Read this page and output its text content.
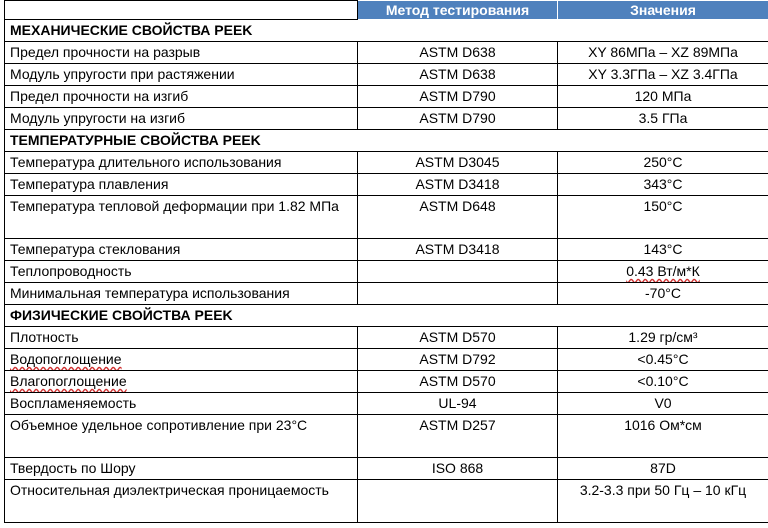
	Метод тестирования	Значения
МЕХАНИЧЕСКИЕ СВОЙСТВА PEEK		
Предел прочности на разрыв	ASTM D638	XY 86МПа – XZ 89МПа
Модуль упругости при растяжении	ASTM D638	XY 3.3ГПа – XZ 3.4ГПа
Предел прочности на изгиб	ASTM D790	120 МПа
Модуль упругости на изгиб	ASTM D790	3.5 ГПа
ТЕМПЕРАТУРНЫЕ СВОЙСТВА PEEK		
Температура длительного использования	ASTM D3045	250°C
Температура плавления	ASTM D3418	343°C
Температура тепловой деформации при 1.82 МПа	ASTM D648	150°C
Температура стеклования	ASTM D3418	143°C
Теплопроводность		0.43 Вт/м*К
Минимальная температура использования		-70°C
ФИЗИЧЕСКИЕ СВОЙСТВА PEEK		
Плотность	ASTM D570	1.29 гр/см³
Водопоглощение	ASTM D792	<0.45°C
Влагопоглощение	ASTM D570	<0.10°C
Воспламеняемость	UL-94	V0
Объемное удельное сопротивление при 23°C	ASTM D257	1016 Ом*см
Твердость по Шору	ISO 868	87D
Относительная диэлектрическая проницаемость		3.2-3.3 при 50 Гц – 10 кГц
